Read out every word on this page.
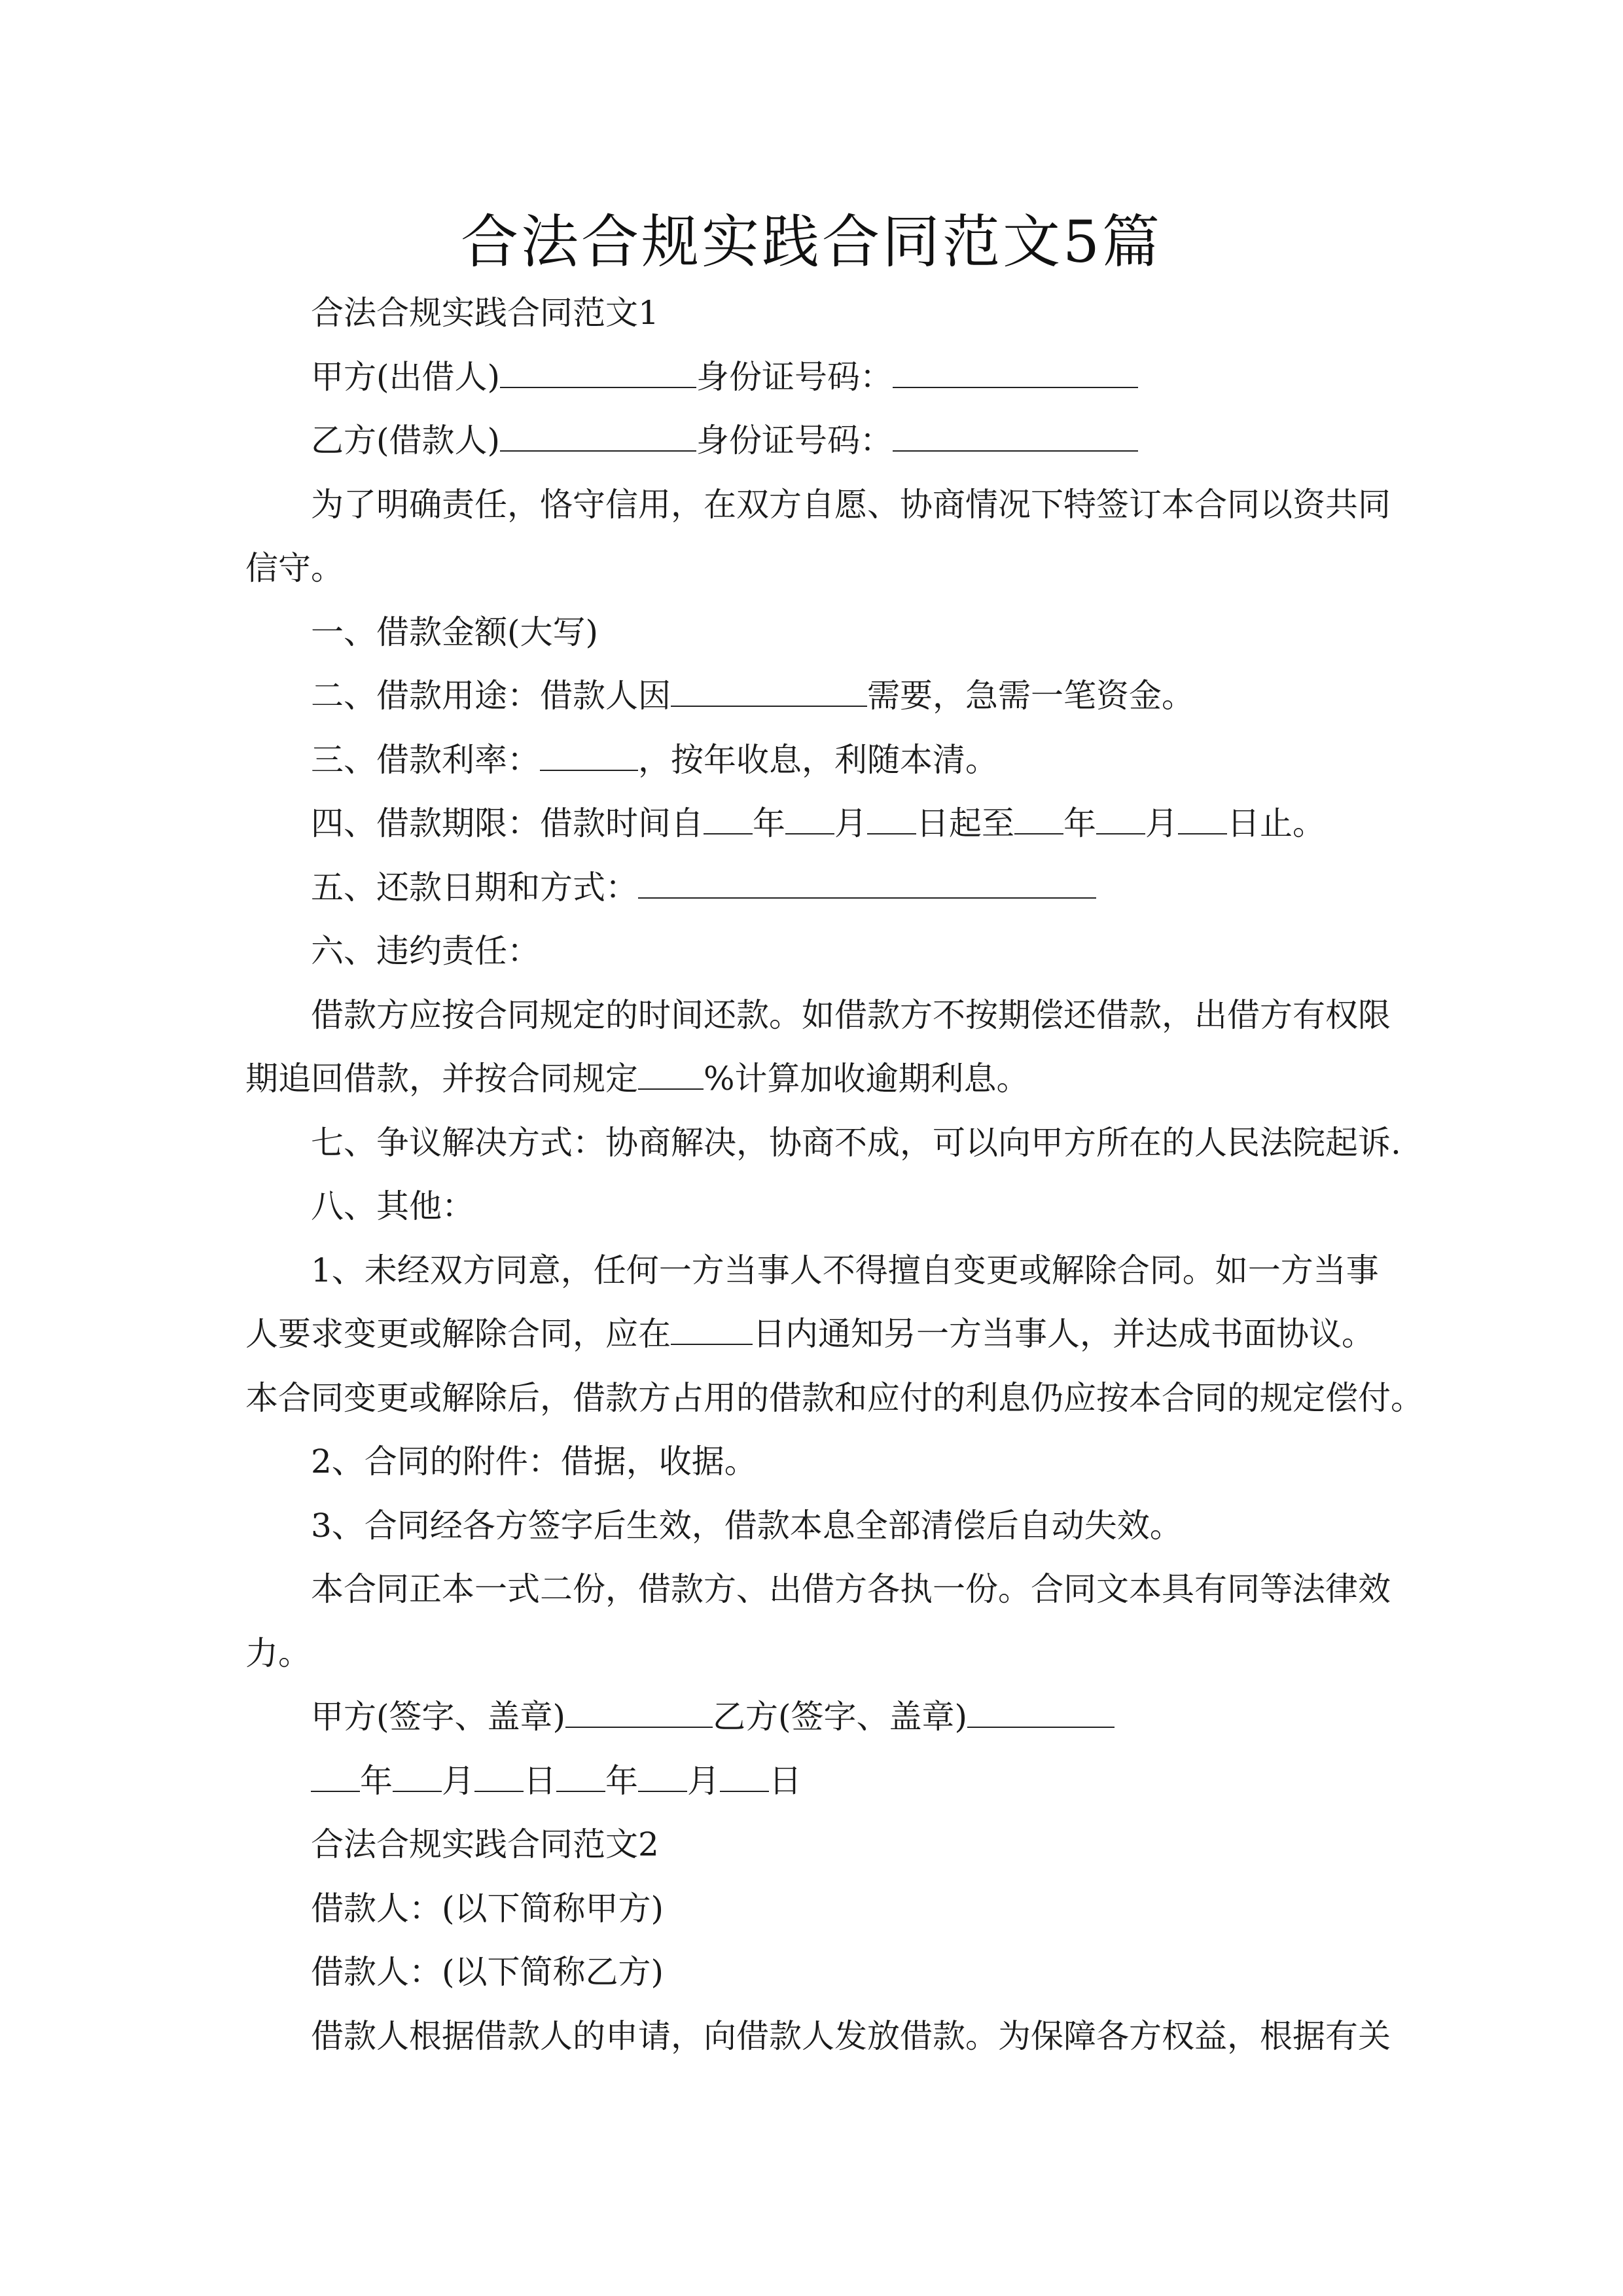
合法合规实践合同范文5篇
合法合规实践合同范文1
甲方(出借人)	身份证号码：
乙方(借款人)	身份证号码：
为了明确责任，恪守信用，在双方自愿、协商情况下特签订本合同以资共同
信守。
一、借款金额(大写)
二、借款用途：借款人因	需要，急需一笔资金。
三、借款利率：	，按年收息，利随本清。
四、借款期限：借款时间自 年 月 日起至 年 月 日止。
五、还款日期和方式：
六、违约责任：
借款方应按合同规定的时间还款。如借款方不按期偿还借款，出借方有权限
期追回借款，并按合同规定 %计算加收逾期利息。
七、争议解决方式：协商解决，协商不成，可以向甲方所在的人民法院起诉.
八、其他：
1、未经双方同意，任何一方当事人不得擅自变更或解除合同。如一方当事
人要求变更或解除合同，应在	日内通知另一方当事人，并达成书面协议。
本合同变更或解除后，借款方占用的借款和应付的利息仍应按本合同的规定偿付。
2、合同的附件：借据，收据。
3、合同经各方签字后生效，借款本息全部清偿后自动失效。
本合同正本一式二份，借款方、出借方各执一份。合同文本具有同等法律效
力。
甲方(签字、盖章)	乙方(签字、盖章)
年 月 日 年 月 日
合法合规实践合同范文2
借款人：(以下简称甲方)
借款人：(以下简称乙方)
借款人根据借款人的申请，向借款人发放借款。为保障各方权益，根据有关
